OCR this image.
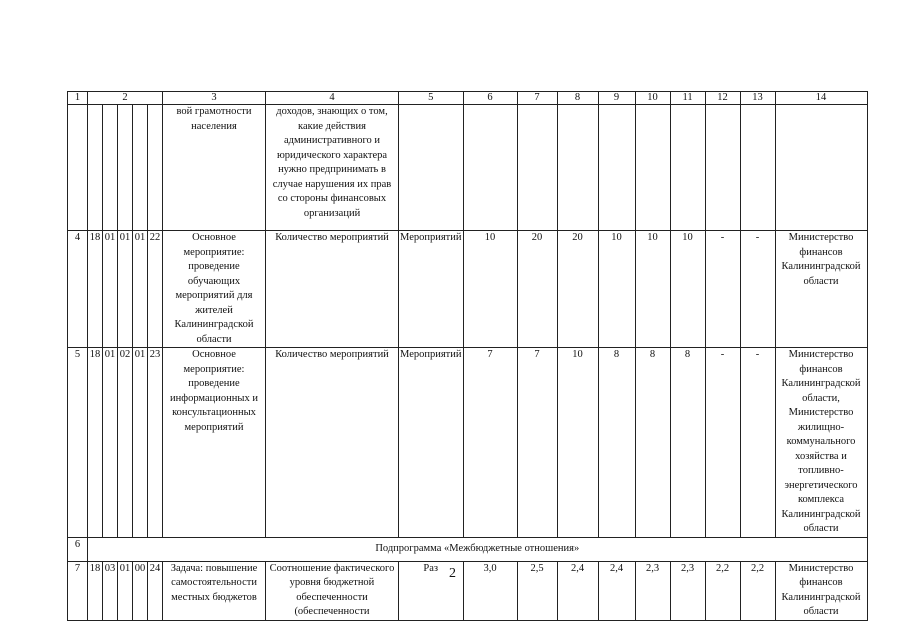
1	2					3	4	5	6	7	8	9	10	11	12	13	14
						вой грамотности населения	доходов, знающих о том, какие действия административного и юридического характера нужно предпринимать в случае нарушения их прав со стороны финансовых организаций										
4	18	01	01	01	22	Основное мероприятие: проведение обучающих мероприятий для жителей Калининградской области	Количество мероприятий	Мероприятий	10	20	20	10	10	10	-	-	Министерство финансов Калининградской области
5	18	01	02	01	23	Основное мероприятие: проведение информационных и консультационных мероприятий	Количество мероприятий	Мероприятий	7	7	10	8	8	8	-	-	Министерство финансов Калининградской области, Министерство жилищно-коммунального хозяйства и топливно-энергетического комплекса Калининградской области
6	Подпрограмма «Межбюджетные отношения»																
7	18	03	01	00	24	Задача: повышение самостоятельности местных бюджетов	Соотношение фактического уровня бюджетной обеспеченности (обеспеченности	Раз	3,0	2,5	2,4	2,4	2,3	2,3	2,2	2,2	Министерство финансов Калининградской области
2
